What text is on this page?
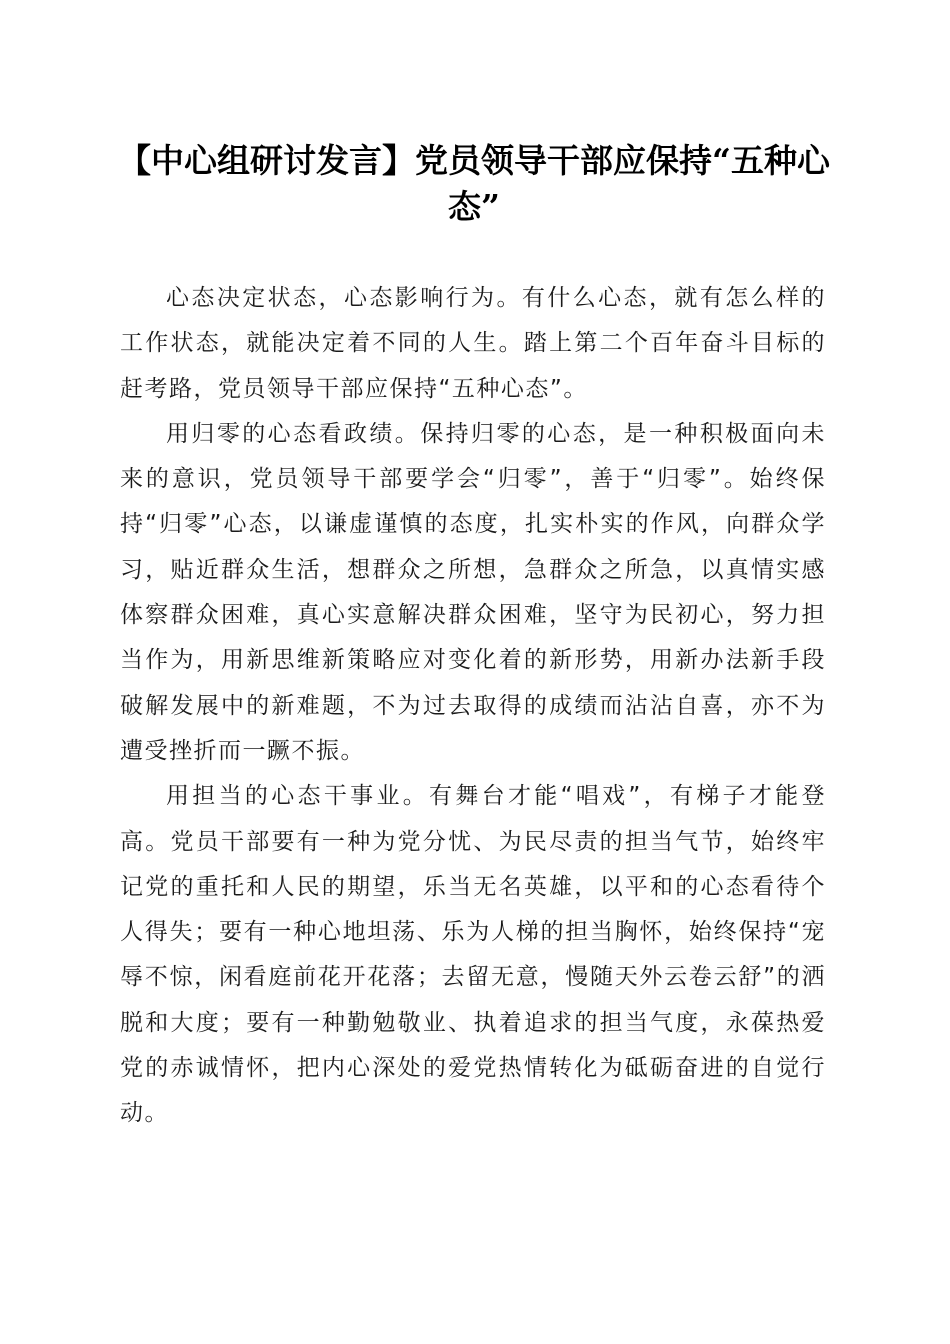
【中心组研讨发言】党员领导干部应保持“五种心态”

心态决定状态，心态影响行为。有什么心态，就有怎么样的工作状态，就能决定着不同的人生。踏上第二个百年奋斗目标的赶考路，党员领导干部应保持“五种心态”。

用归零的心态看政绩。保持归零的心态，是一种积极面向未来的意识，党员领导干部要学会“归零”，善于“归零”。始终保持“归零”心态，以谦虚谨慎的态度，扎实朴实的作风，向群众学习，贴近群众生活，想群众之所想，急群众之所急，以真情实感体察群众困难，真心实意解决群众困难，坚守为民初心，努力担当作为，用新思维新策略应对变化着的新形势，用新办法新手段破解发展中的新难题，不为过去取得的成绩而沾沾自喜，亦不为遭受挫折而一蹶不振。

用担当的心态干事业。有舞台才能“唱戏”，有梯子才能登高。党员干部要有一种为党分忧、为民尽责的担当气节，始终牢记党的重托和人民的期望，乐当无名英雄，以平和的心态看待个人得失；要有一种心地坦荡、乐为人梯的担当胸怀，始终保持“宠辱不惊，闲看庭前花开花落；去留无意，慢随天外云卷云舒”的洒脱和大度；要有一种勤勉敬业、执着追求的担当气度，永葆热爱党的赤诚情怀，把内心深处的爱党热情转化为砥砺奋进的自觉行动。
